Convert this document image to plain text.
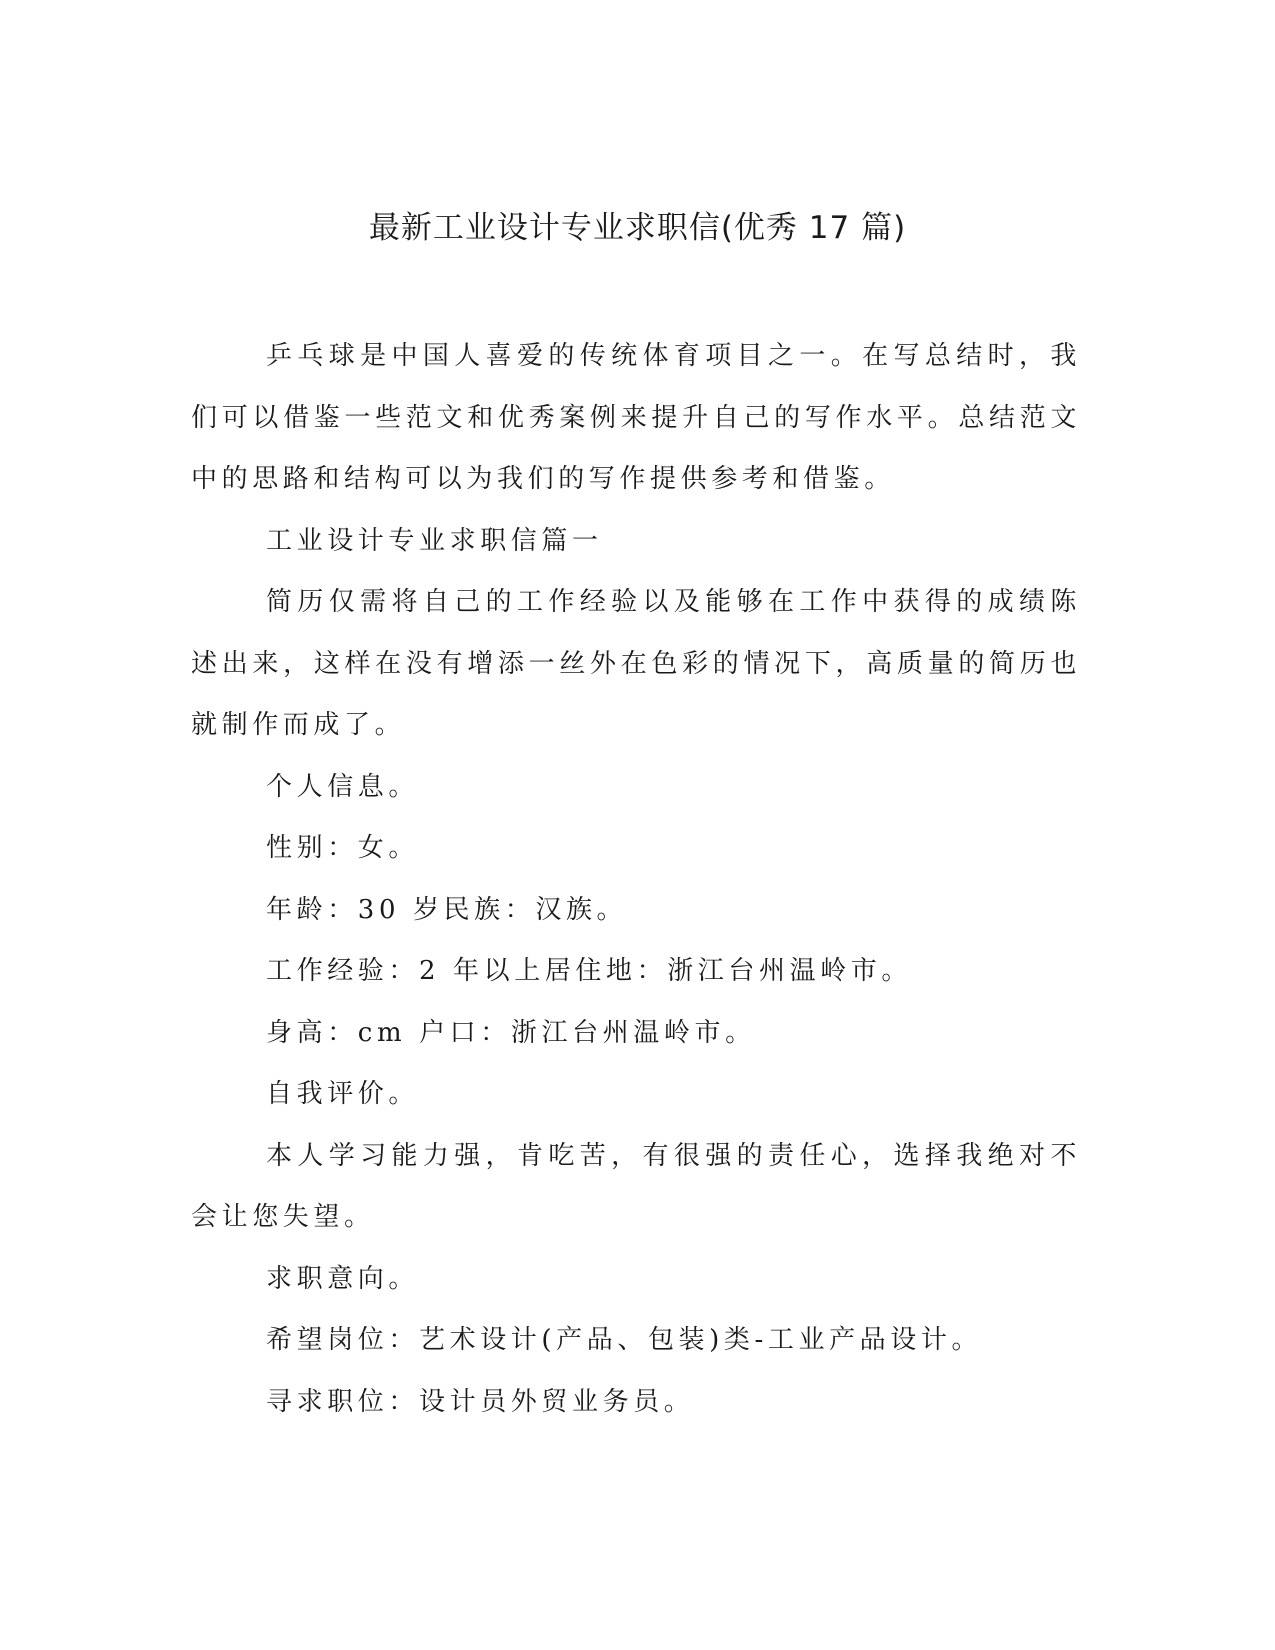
最新工业设计专业求职信(优秀 17 篇)

乒乓球是中国人喜爱的传统体育项目之一。在写总结时，我们可以借鉴一些范文和优秀案例来提升自己的写作水平。总结范文中的思路和结构可以为我们的写作提供参考和借鉴。

工业设计专业求职信篇一

简历仅需将自己的工作经验以及能够在工作中获得的成绩陈述出来，这样在没有增添一丝外在色彩的情况下，高质量的简历也就制作而成了。

个人信息。

性别：女。

年龄：30 岁民族：汉族。

工作经验：2 年以上居住地：浙江台州温岭市。

身高：cm 户口：浙江台州温岭市。

自我评价。

本人学习能力强，肯吃苦，有很强的责任心，选择我绝对不会让您失望。

求职意向。

希望岗位：艺术设计(产品、包装)类-工业产品设计。

寻求职位：设计员外贸业务员。
